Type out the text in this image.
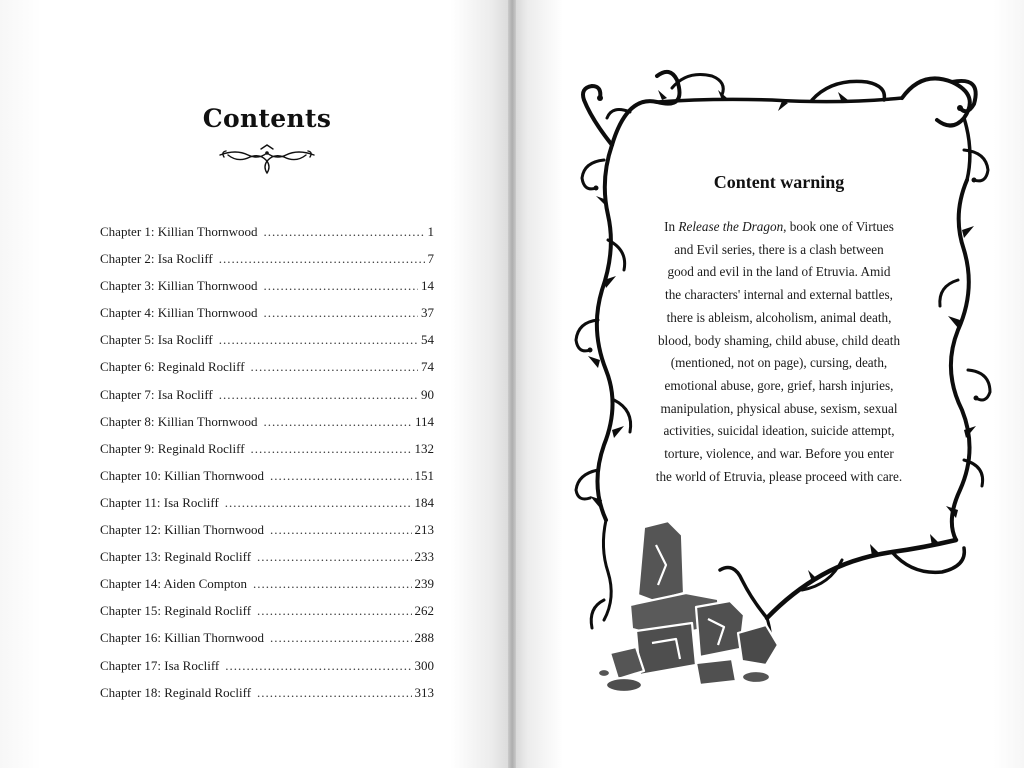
Contents
Chapter 1: Killian Thornwood .....	1
Chapter 2: Isa Rocliff .....	7
Chapter 3: Killian Thornwood .....	14
Chapter 4: Killian Thornwood .....	37
Chapter 5: Isa Rocliff .....	54
Chapter 6: Reginald Rocliff .....	74
Chapter 7: Isa Rocliff .....	90
Chapter 8: Killian Thornwood .....	114
Chapter 9: Reginald Rocliff .....	132
Chapter 10: Killian Thornwood .....	151
Chapter 11: Isa Rocliff .....	184
Chapter 12: Killian Thornwood .....	213
Chapter 13: Reginald Rocliff .....	233
Chapter 14: Aiden Compton .....	239
Chapter 15: Reginald Rocliff .....	262
Chapter 16: Killian Thornwood .....	288
Chapter 17: Isa Rocliff .....	300
Chapter 18: Reginald Rocliff .....	313
Content warning
In Release the Dragon, book one of Virtues
and Evil series, there is a clash between
good and evil in the land of Etruvia. Amid
the characters' internal and external battles,
there is ableism, alcoholism, animal death,
blood, body shaming, child abuse, child death
(mentioned, not on page), cursing, death,
emotional abuse, gore, grief, harsh injuries,
manipulation, physical abuse, sexism, sexual
activities, suicidal ideation, suicide attempt,
torture, violence, and war. Before you enter
the world of Etruvia, please proceed with care.
